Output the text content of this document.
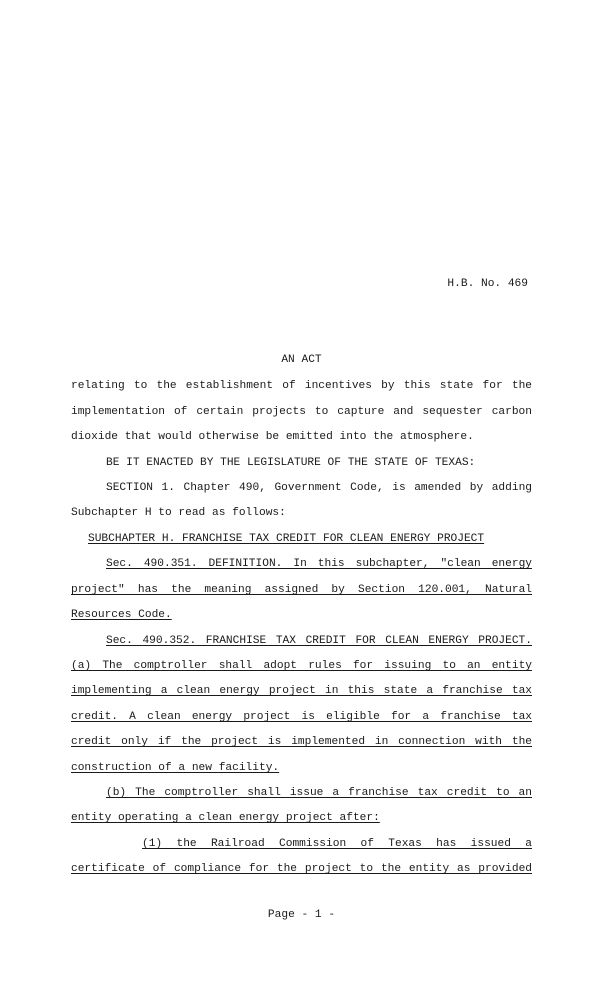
H.B. No. 469
AN ACT
relating to the establishment of incentives by this state for the
implementation of certain projects to capture and sequester carbon
dioxide that would otherwise be emitted into the atmosphere.
BE IT ENACTED BY THE LEGISLATURE OF THE STATE OF TEXAS:
SECTION 1. Chapter 490, Government Code, is amended by adding
Subchapter H to read as follows:
SUBCHAPTER H. FRANCHISE TAX CREDIT FOR CLEAN ENERGY PROJECT
Sec. 490.351. DEFINITION. In this subchapter, "clean energy
project" has the meaning assigned by Section 120.001, Natural
Resources Code.
Sec. 490.352. FRANCHISE TAX CREDIT FOR CLEAN ENERGY PROJECT.
(a) The comptroller shall adopt rules for issuing to an entity
implementing a clean energy project in this state a franchise tax
credit. A clean energy project is eligible for a franchise tax
credit only if the project is implemented in connection with the
construction of a new facility.
(b) The comptroller shall issue a franchise tax credit to an
entity operating a clean energy project after:
(1) the Railroad Commission of Texas has issued a
certificate of compliance for the project to the entity as provided
Page - 1 -
